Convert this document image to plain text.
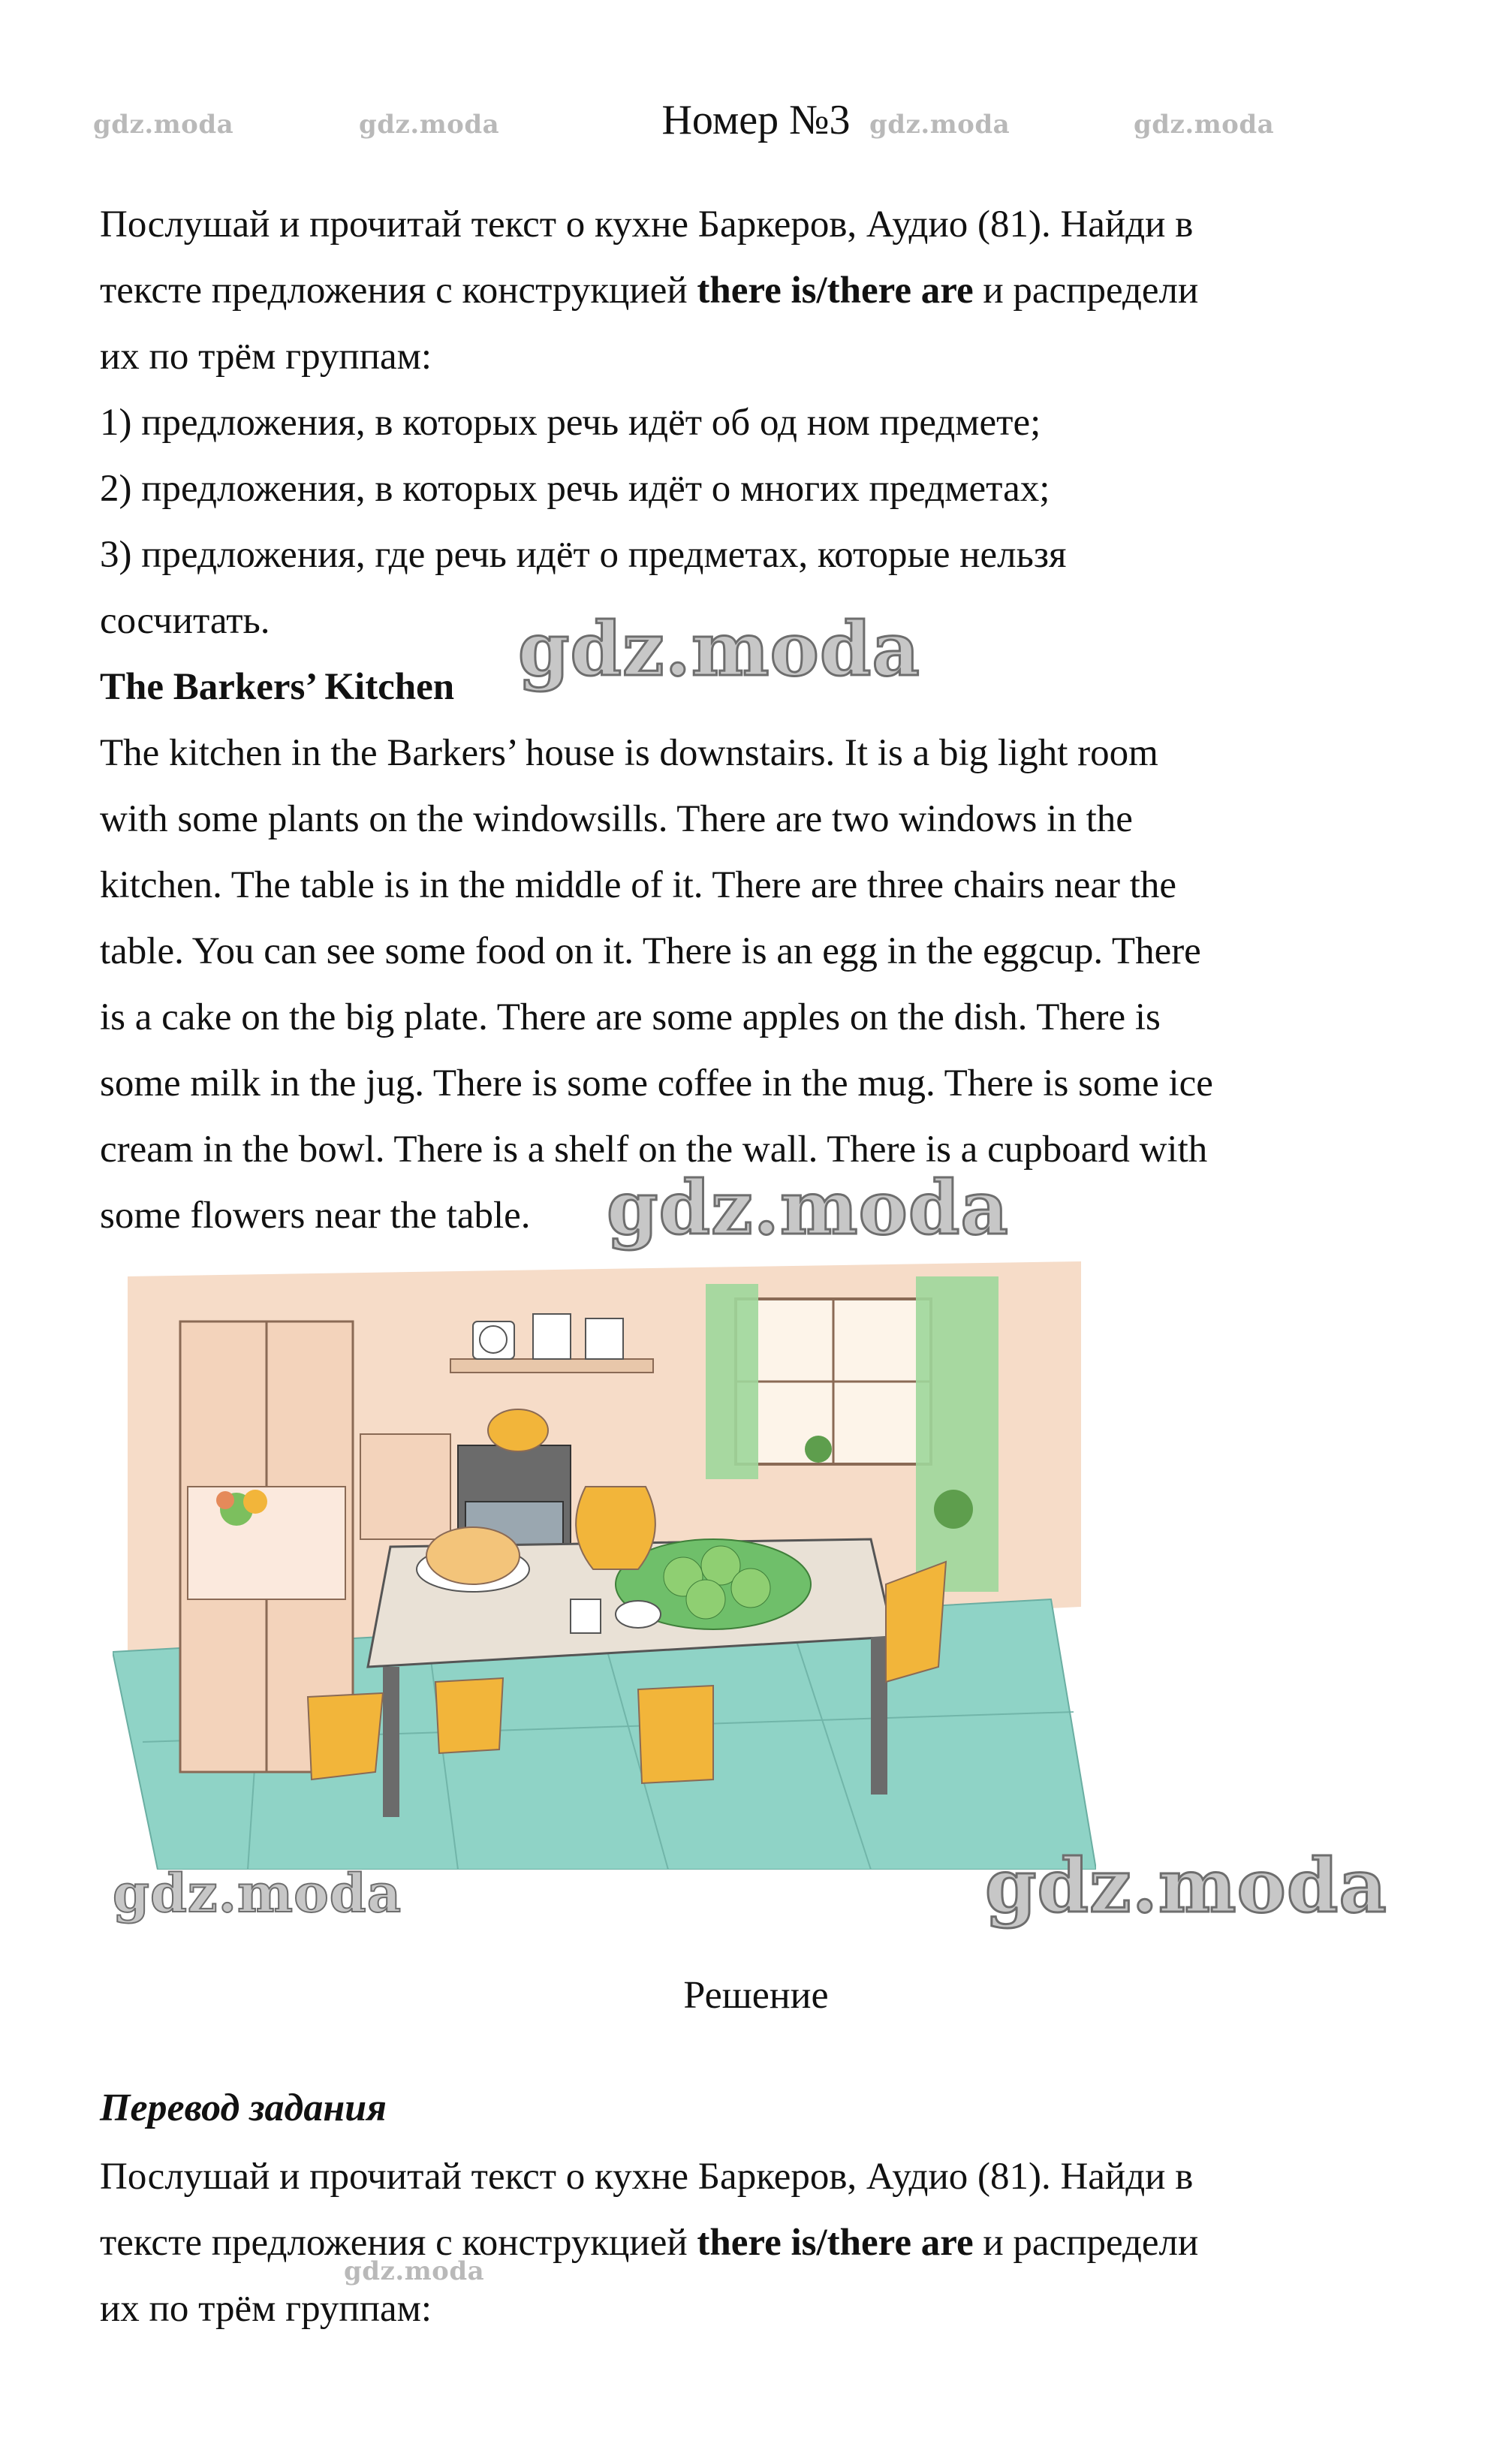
gdz.moda	gdz.moda	gdz.moda	gdz.moda
Номер №3
Послушай и прочитай текст о кухне Баркеров, Аудио (81). Найди в
тексте предложения с конструкцией there is/there are и распредели
их по трём группам:
1) предложения, в которых речь идёт об од ном предмете;
2) предложения, в которых речь идёт о многих предметах;
3) предложения, где речь идёт о предметах, которые нельзя
сосчитать.
The Barkers’ Kitchen
The kitchen in the Barkers’ house is downstairs. It is a big light room
with some plants on the windowsills. There are two windows in the
kitchen. The table is in the middle of it. There are three chairs near the
table. You can see some food on it. There is an egg in the eggcup. There
is a cake on the big plate. There are some apples on the dish. There is
some milk in the jug. There is some coffee in the mug. There is some ice
cream in the bowl. There is a shelf on the wall. There is a cupboard with
some flowers near the table.
gdz.moda
gdz.moda
gdz.moda
gdz.moda
Решение
Перевод задания
Послушай и прочитай текст о кухне Баркеров, Аудио (81). Найди в
тексте предложения с конструкцией there is/there are и распредели
их по трём группам:
gdz.moda
